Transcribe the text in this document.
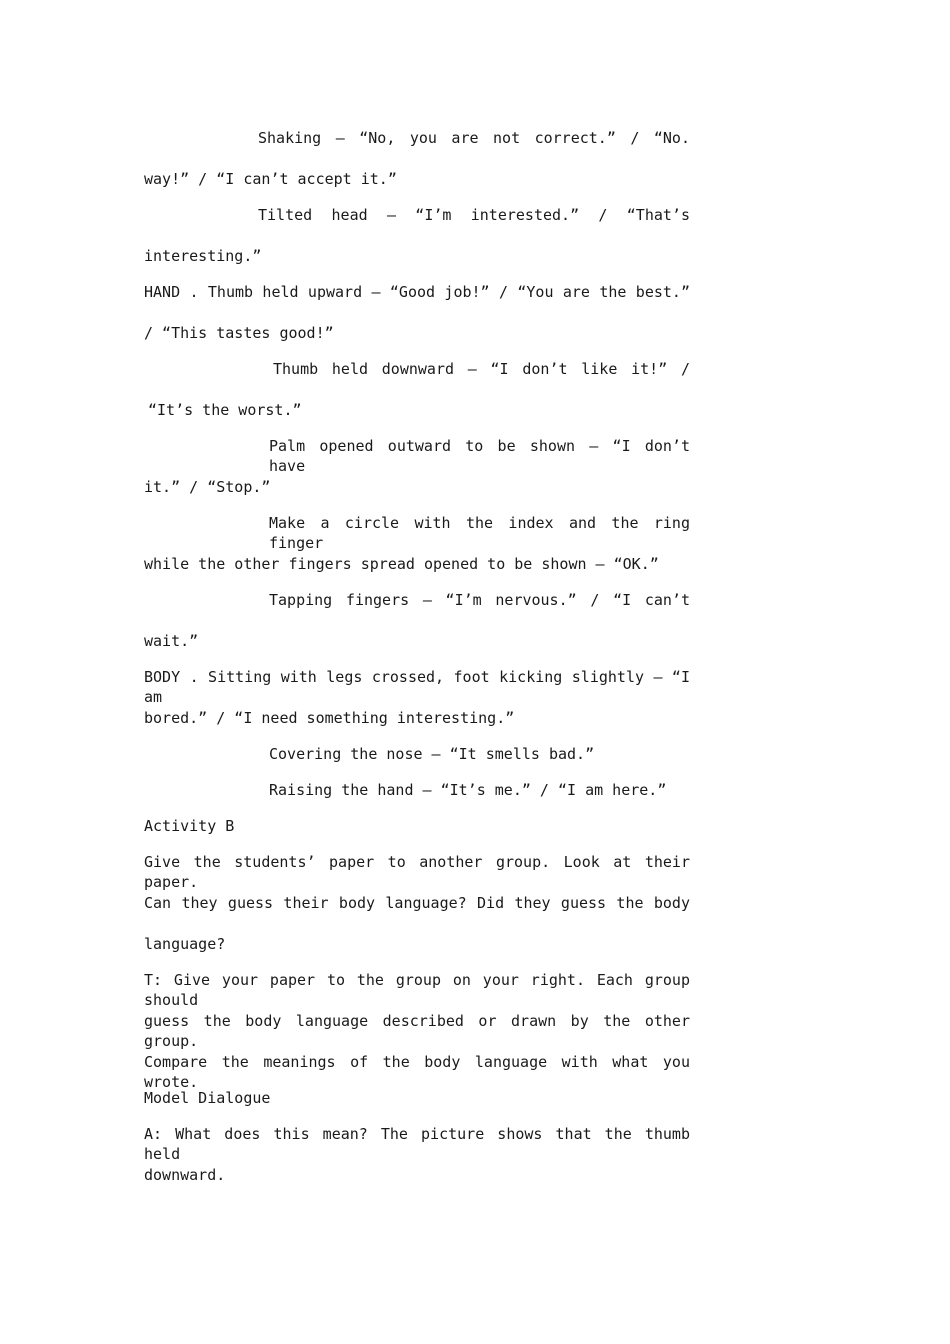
Shaking – “No, you are not correct.” / “No.
way!” / “I can’t accept it.”
Tilted head – “I’m interested.” / “That’s
interesting.”
HAND . Thumb held upward – “Good job!” / “You are the best.”
/ “This tastes good!”
Thumb held downward – “I don’t like it!” /
“It’s the worst.”
Palm opened outward to be shown – “I don’t have
it.” / “Stop.”
Make a circle with the index and the ring finger
while the other fingers spread opened to be shown – “OK.”
Tapping fingers – “I’m nervous.” / “I can’t
wait.”
BODY . Sitting with legs crossed, foot kicking slightly – “I am
bored.” / “I need something interesting.”
Covering the nose – “It smells bad.”
Raising the hand – “It’s me.” / “I am here.”
Activity B
Give the students’ paper to another group. Look at their paper.
Can they guess their body language? Did they guess the body
language?
T: Give your paper to the group on your right. Each group should
guess the body language described or drawn by the other group.
Compare the meanings of the body language with what you wrote.
Model Dialogue
A: What does this mean? The picture shows that the thumb held
downward.
